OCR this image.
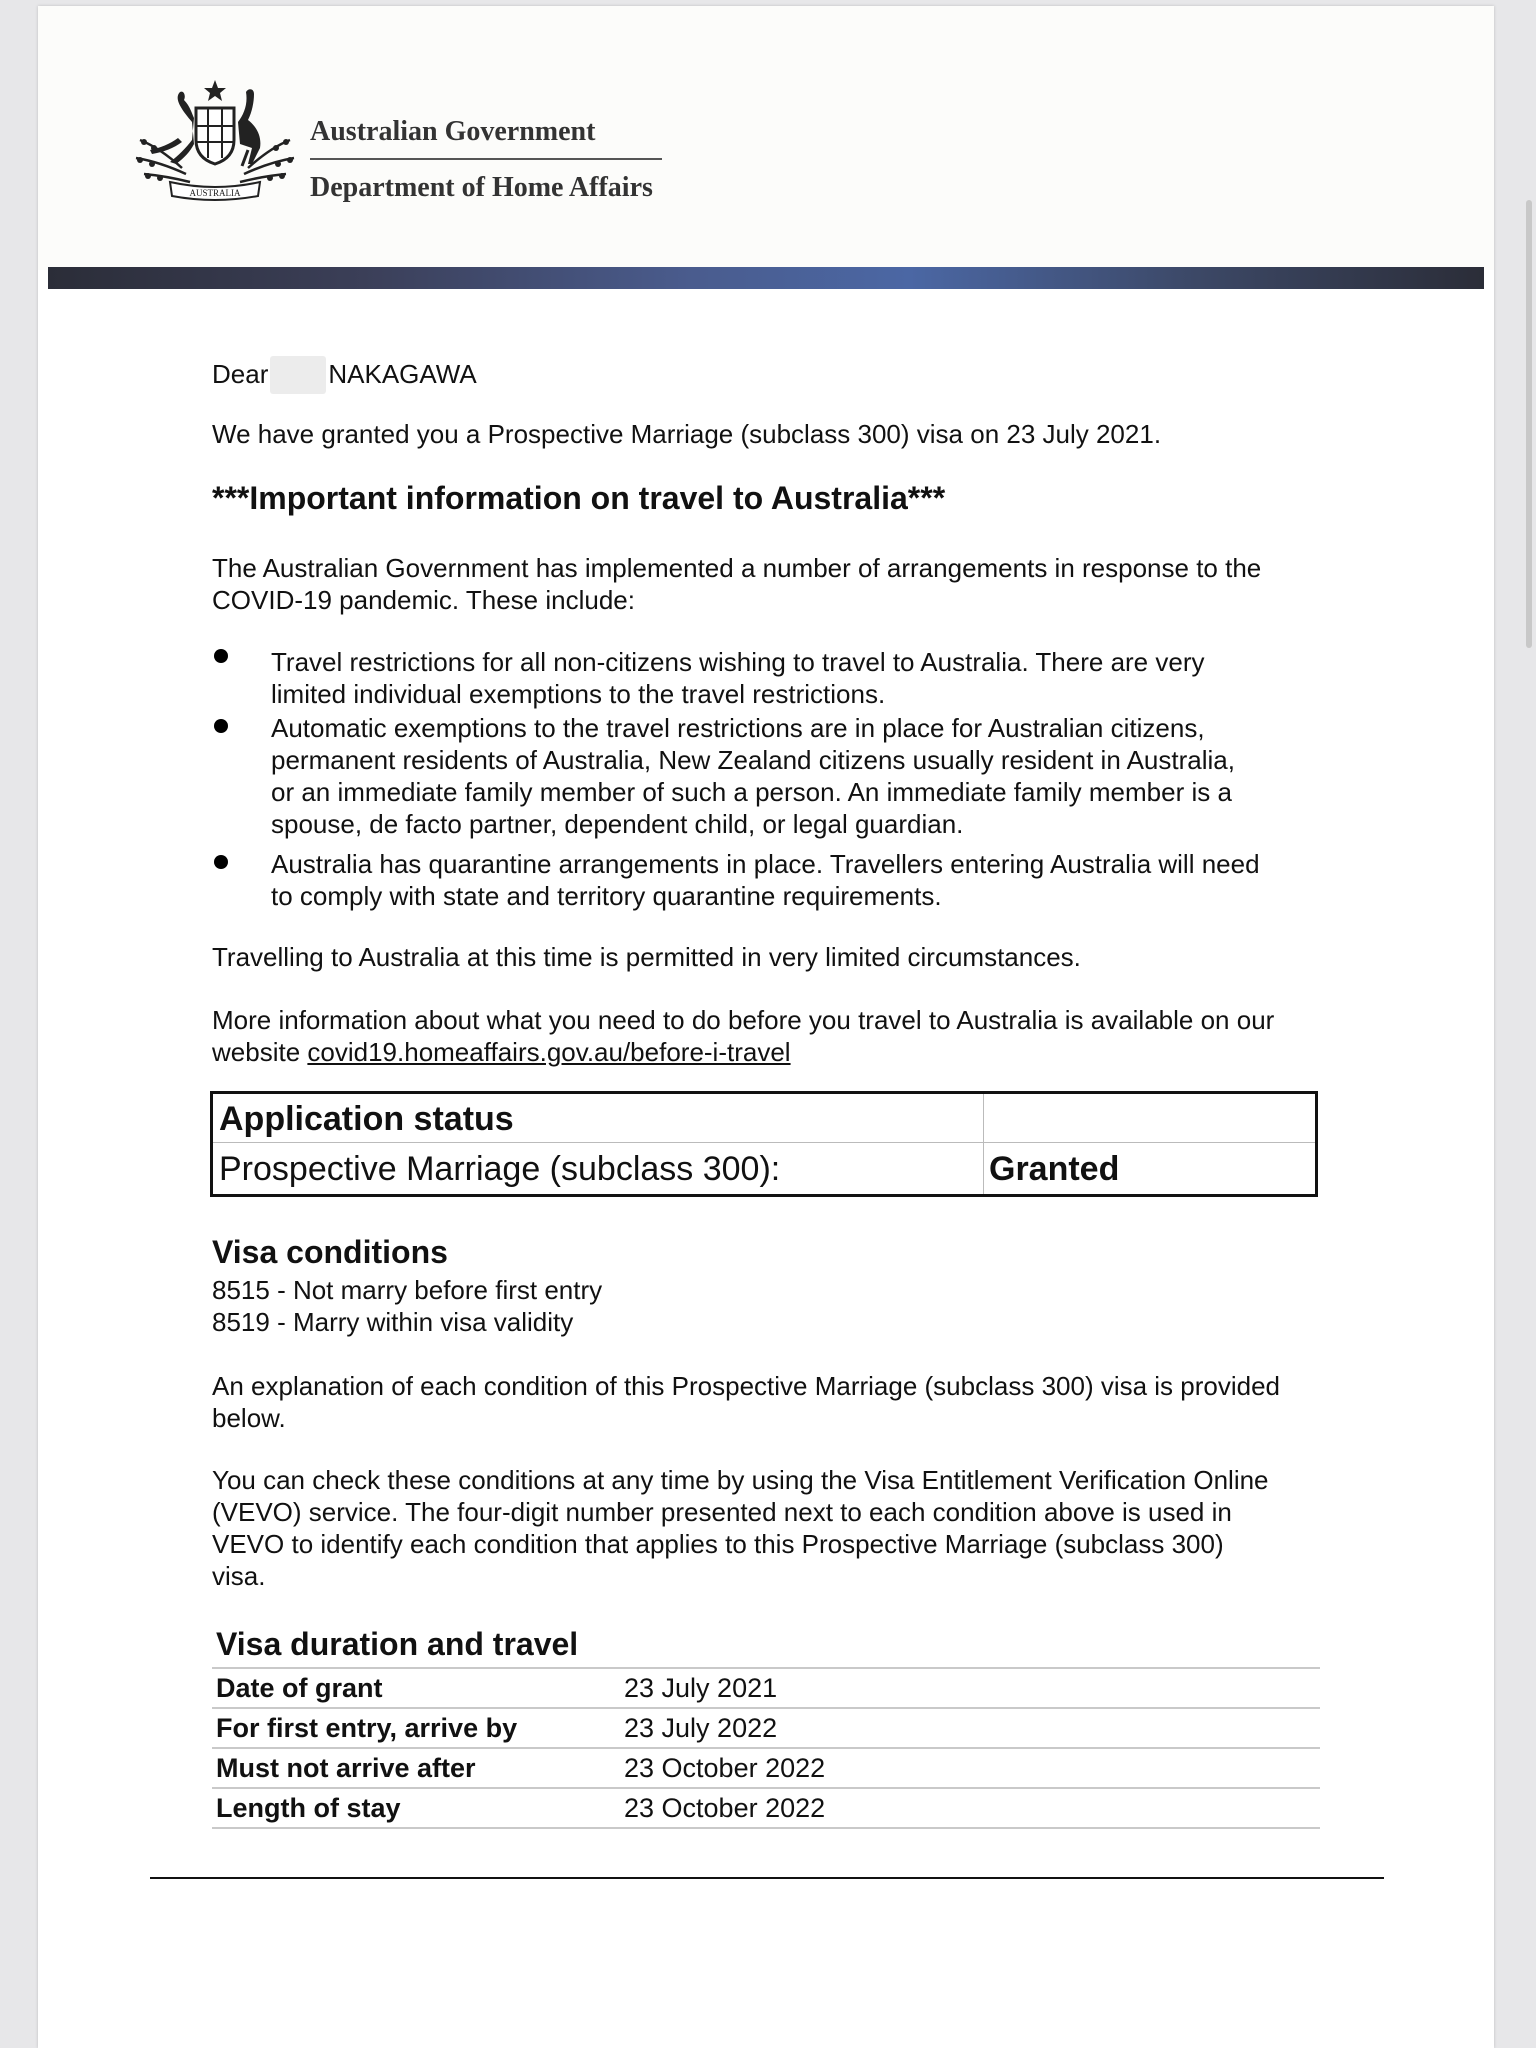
AUSTRALIA
Australian Government
Department of Home Affairs
Dear NAKAGAWA
We have granted you a Prospective Marriage (subclass 300) visa on 23 July 2021.
***Important information on travel to Australia***
The Australian Government has implemented a number of arrangements in response to the
COVID-19 pandemic. These include:
Travel restrictions for all non-citizens wishing to travel to Australia. There are very
limited individual exemptions to the travel restrictions.
Automatic exemptions to the travel restrictions are in place for Australian citizens,
permanent residents of Australia, New Zealand citizens usually resident in Australia,
or an immediate family member of such a person. An immediate family member is a
spouse, de facto partner, dependent child, or legal guardian.
Australia has quarantine arrangements in place. Travellers entering Australia will need
to comply with state and territory quarantine requirements.
Travelling to Australia at this time is permitted in very limited circumstances.
More information about what you need to do before you travel to Australia is available on our
website covid19.homeaffairs.gov.au/before-i-travel
Application status
Prospective Marriage (subclass 300):	Granted
Visa conditions
8515 - Not marry before first entry
8519 - Marry within visa validity
An explanation of each condition of this Prospective Marriage (subclass 300) visa is provided
below.
You can check these conditions at any time by using the Visa Entitlement Verification Online
(VEVO) service. The four-digit number presented next to each condition above is used in
VEVO to identify each condition that applies to this Prospective Marriage (subclass 300)
visa.
Visa duration and travel
Date of grant	23 July 2021
For first entry, arrive by	23 July 2022
Must not arrive after	23 October 2022
Length of stay	23 October 2022
